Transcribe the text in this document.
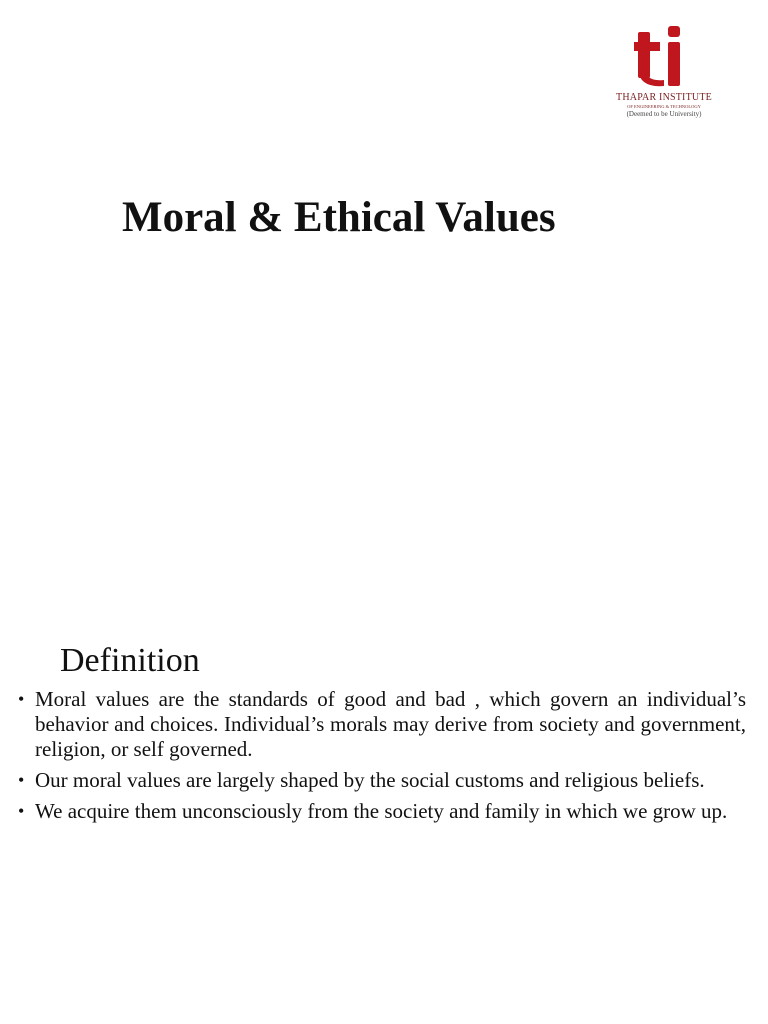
THAPAR INSTITUTE
OF ENGINEERING & TECHNOLOGY
(Deemed to be University)
Moral & Ethical Values
Definition
• Moral values are the standards of good and bad , which govern an individual’s behavior and choices. Individual’s morals may derive from society and government, religion, or self governed.
• Our moral values are largely shaped by the social customs and religious beliefs.
• We acquire them unconsciously from the society and family in which we grow up.
